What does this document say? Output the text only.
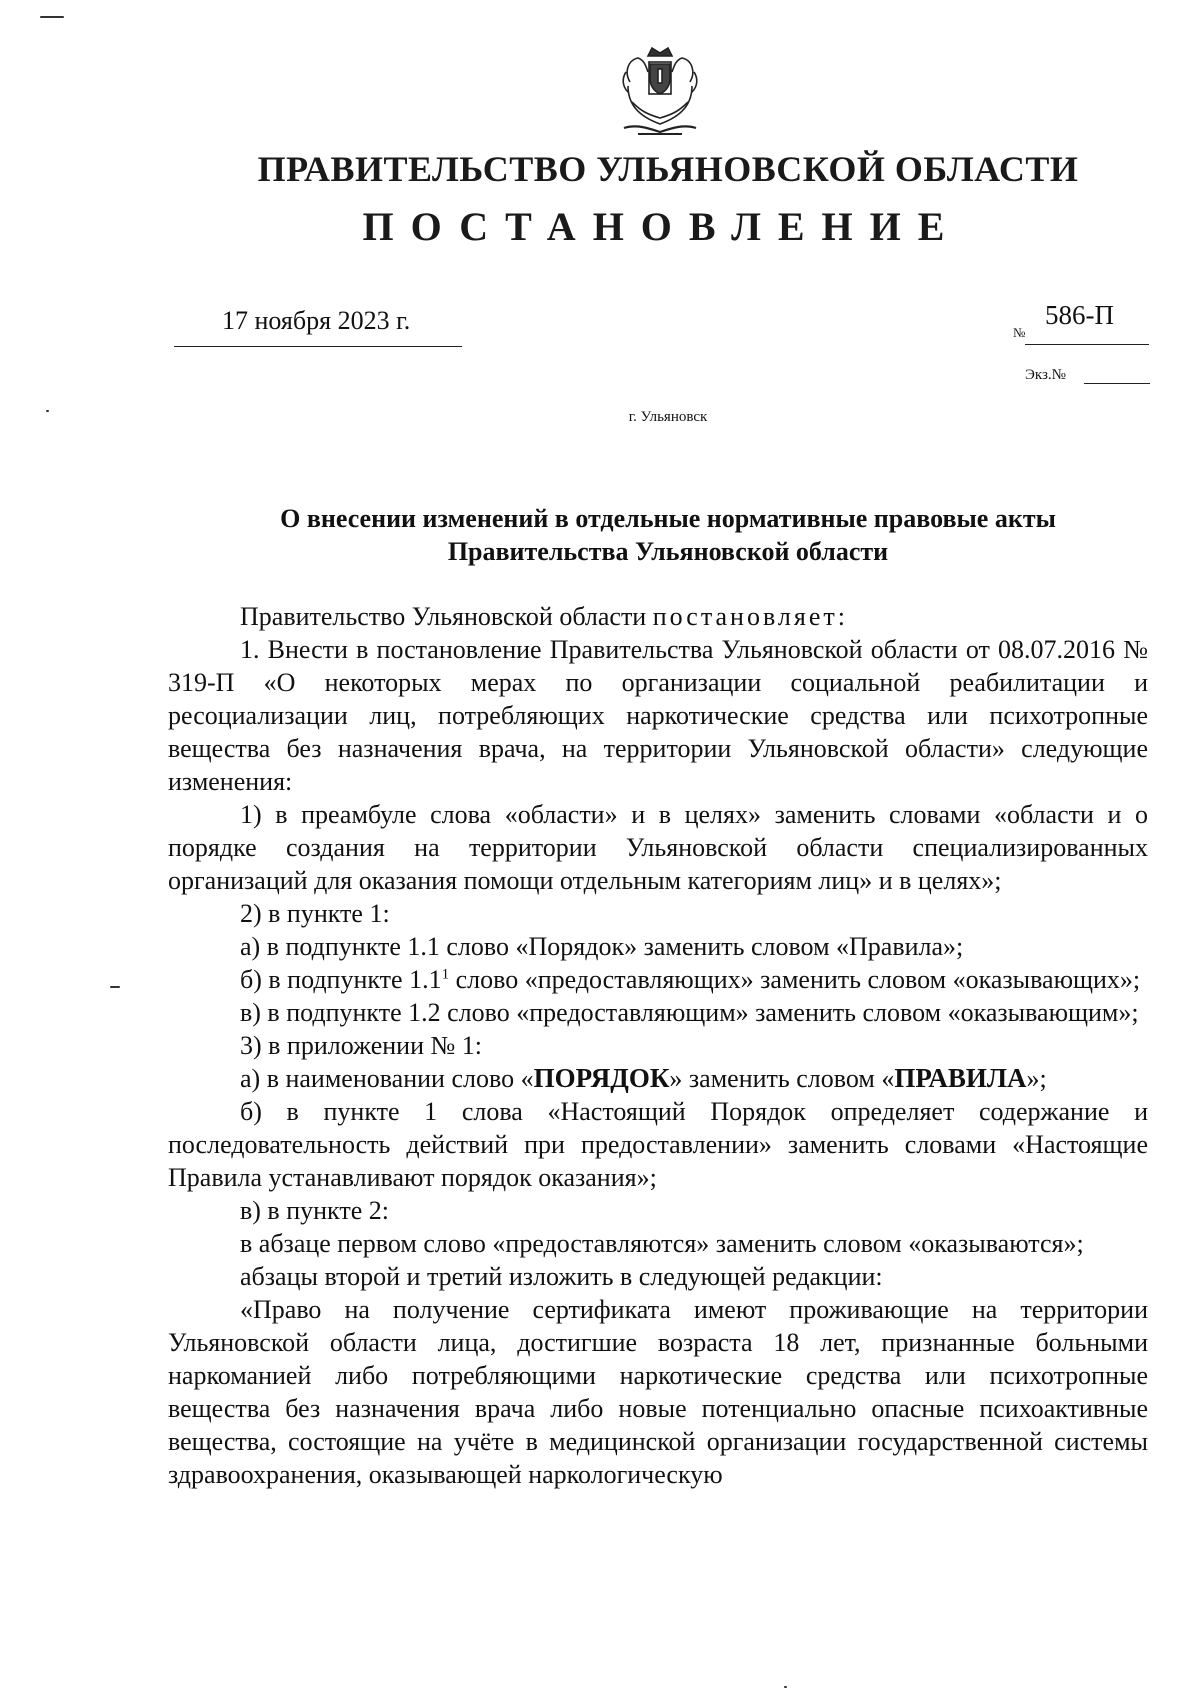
ПРАВИТЕЛЬСТВО УЛЬЯНОВСКОЙ ОБЛАСТИ
ПОСТАНОВЛЕНИЕ
17 ноября 2023 г.	№
586-П
Экз.№
г. Ульяновск
О внесении изменений в отдельные нормативные правовые акты
Правительства Ульяновской области

Правительство Ульяновской области постановляет:

1. Внести в постановление Правительства Ульяновской области от 08.07.2016 № 319-П «О некоторых мерах по организации социальной реабилитации и ресоциализации лиц, потребляющих наркотические средства или психотропные вещества без назначения врача, на территории Ульяновской области» следующие изменения:

1) в преамбуле слова «области» и в целях» заменить словами «области и о порядке создания на территории Ульяновской области специализированных организаций для оказания помощи отдельным категориям лиц» и в целях»;

2) в пункте 1:

а) в подпункте 1.1 слово «Порядок» заменить словом «Правила»;

б) в подпункте $1.1^1$ слово «предоставляющих» заменить словом «оказывающих»;

в) в подпункте 1.2 слово «предоставляющим» заменить словом «оказывающим»;

3) в приложении № 1:

а) в наименовании слово «ПОРЯДОК» заменить словом «ПРАВИЛА»;

б) в пункте 1 слова «Настоящий Порядок определяет содержание и последовательность действий при предоставлении» заменить словами «Настоящие Правила устанавливают порядок оказания»;

в) в пункте 2:

в абзаце первом слово «предоставляются» заменить словом «оказываются»;

абзацы второй и третий изложить в следующей редакции:

«Право на получение сертификата имеют проживающие на территории Ульяновской области лица, достигшие возраста 18 лет, признанные больными наркоманией либо потребляющими наркотические средства или психотропные вещества без назначения врача либо новые потенциально опасные психоактивные вещества, состоящие на учёте в медицинской организации государственной системы здравоохранения, оказывающей наркологическую
